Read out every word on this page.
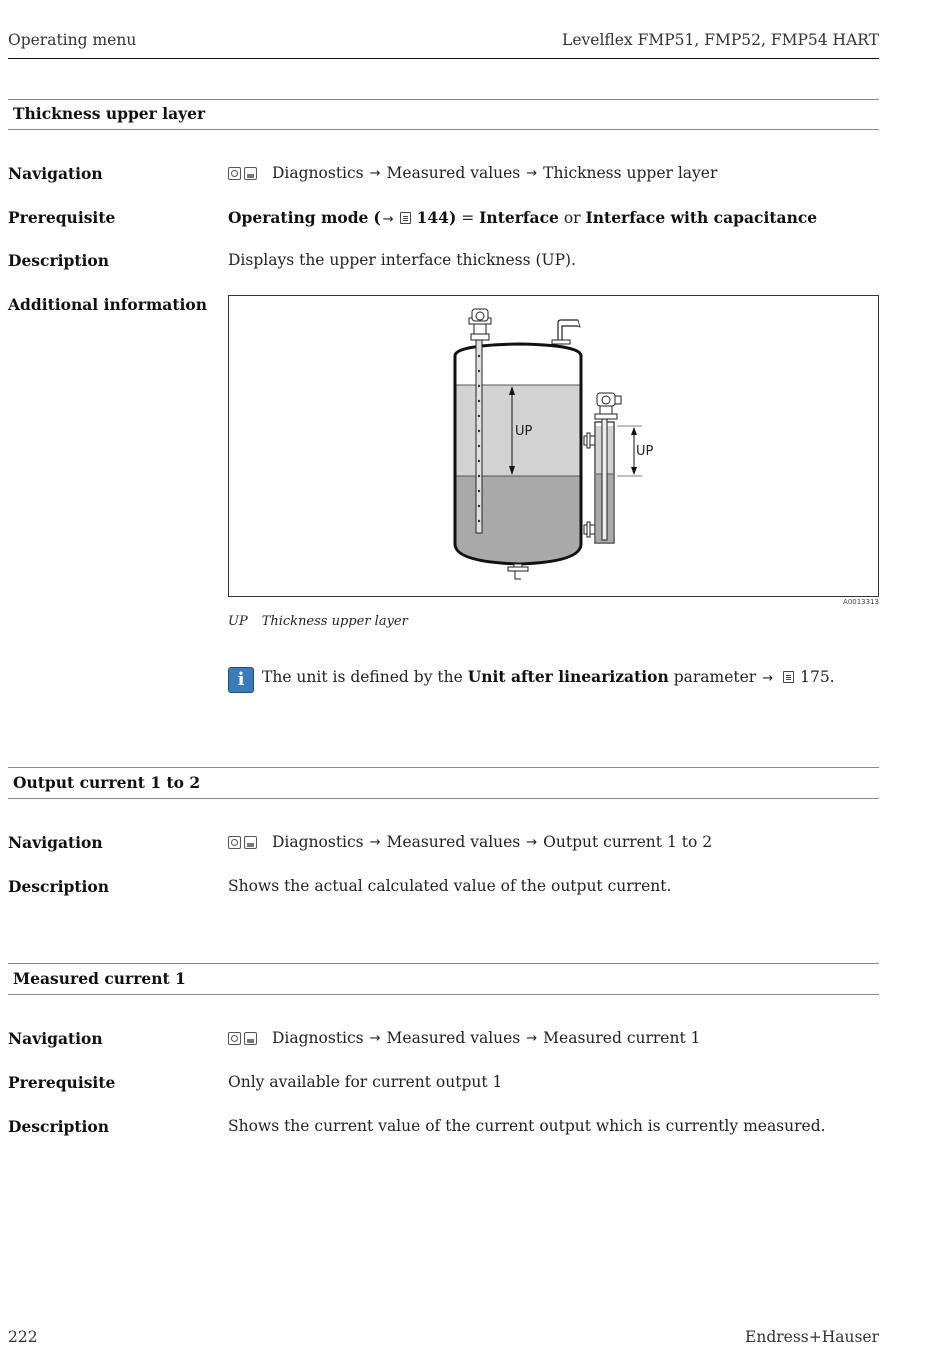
Operating menu	Levelflex FMP51, FMP52, FMP54 HART
Thickness upper layer
Navigation	Diagnostics → Measured values → Thickness upper layer
Prerequisite	Operating mode ( → 144) = Interface or Interface with capacitance
Description	Displays the upper interface thickness (UP).
Additional information
UP
UP
A0013313
UP Thickness upper layer
i	The unit is defined by the Unit after linearization parameter → 175.
Output current 1 to 2
Navigation	Diagnostics → Measured values → Output current 1 to 2
Description	Shows the actual calculated value of the output current.
Measured current 1
Navigation	Diagnostics → Measured values → Measured current 1
Prerequisite	Only available for current output 1
Description	Shows the current value of the current output which is currently measured.
222	Endress+Hauser
